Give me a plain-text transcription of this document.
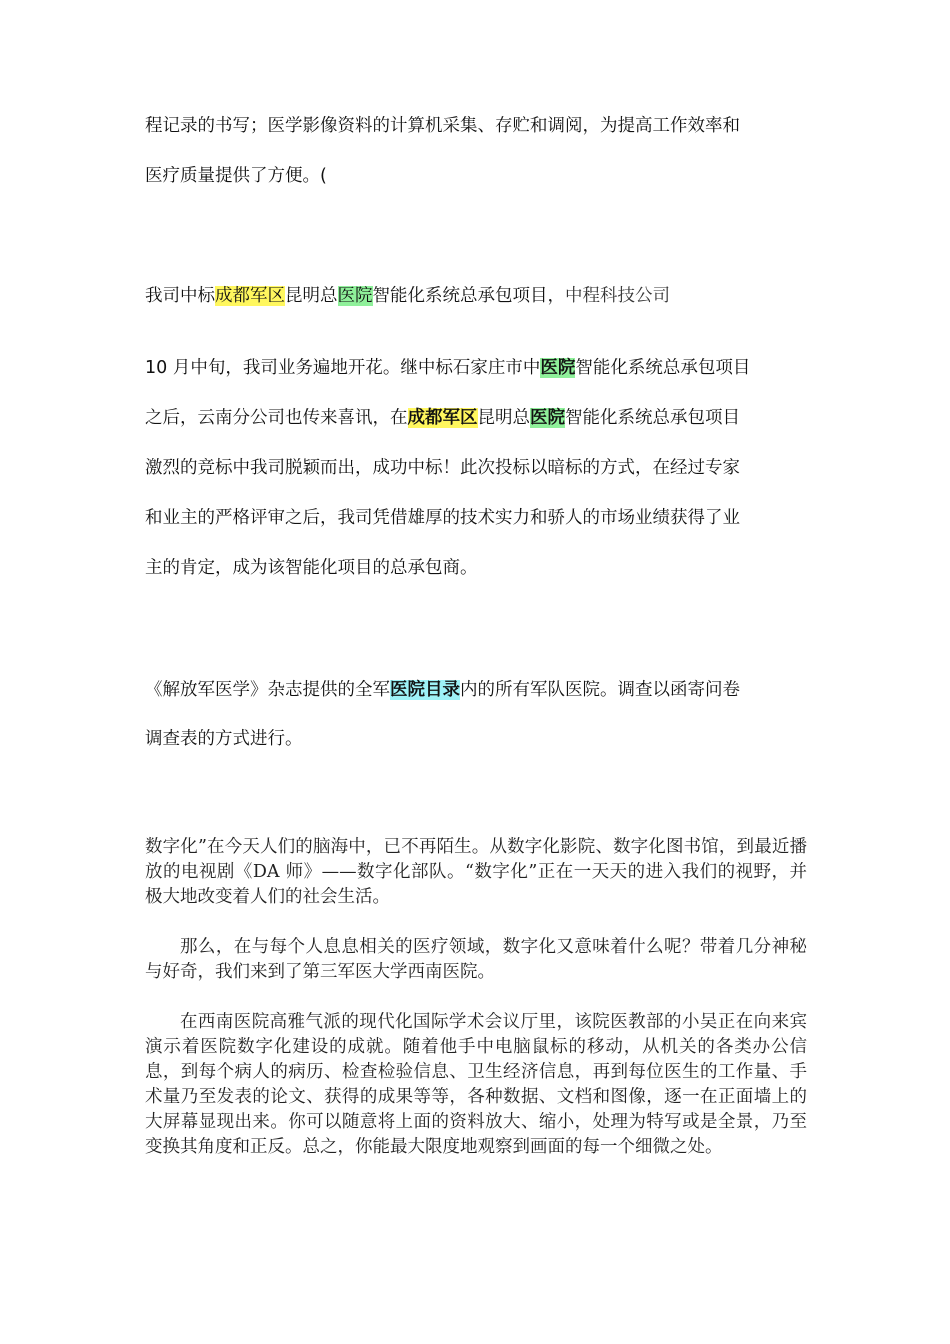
程记录的书写；医学影像资料的计算机采集、存贮和调阅，为提高工作效率和
医疗质量提供了方便。(
我司中标成都军区昆明总医院智能化系统总承包项目，中程科技公司
10 月中旬，我司业务遍地开花。继中标石家庄市中医院智能化系统总承包项目
之后，云南分公司也传来喜讯，在成都军区昆明总医院智能化系统总承包项目
激烈的竞标中我司脱颖而出，成功中标！此次投标以暗标的方式，在经过专家
和业主的严格评审之后，我司凭借雄厚的技术实力和骄人的市场业绩获得了业
主的肯定，成为该智能化项目的总承包商。
《解放军医学》杂志提供的全军医院目录内的所有军队医院。调查以函寄问卷
调查表的方式进行。

数字化”在今天人们的脑海中，已不再陌生。从数字化影院、数字化图书馆，到最近播放的电视剧《DA 师》——数字化部队。“数字化”正在一天天的进入我们的视野，并极大地改变着人们的社会生活。

那么，在与每个人息息相关的医疗领域，数字化又意味着什么呢？带着几分神秘与好奇，我们来到了第三军医大学西南医院。

在西南医院高雅气派的现代化国际学术会议厅里，该院医教部的小吴正在向来宾演示着医院数字化建设的成就。随着他手中电脑鼠标的移动，从机关的各类办公信息，到每个病人的病历、检查检验信息、卫生经济信息，再到每位医生的工作量、手术量乃至发表的论文、获得的成果等等，各种数据、文档和图像，逐一在正面墙上的大屏幕显现出来。你可以随意将上面的资料放大、缩小，处理为特写或是全景，乃至变换其角度和正反。总之，你能最大限度地观察到画面的每一个细微之处。
